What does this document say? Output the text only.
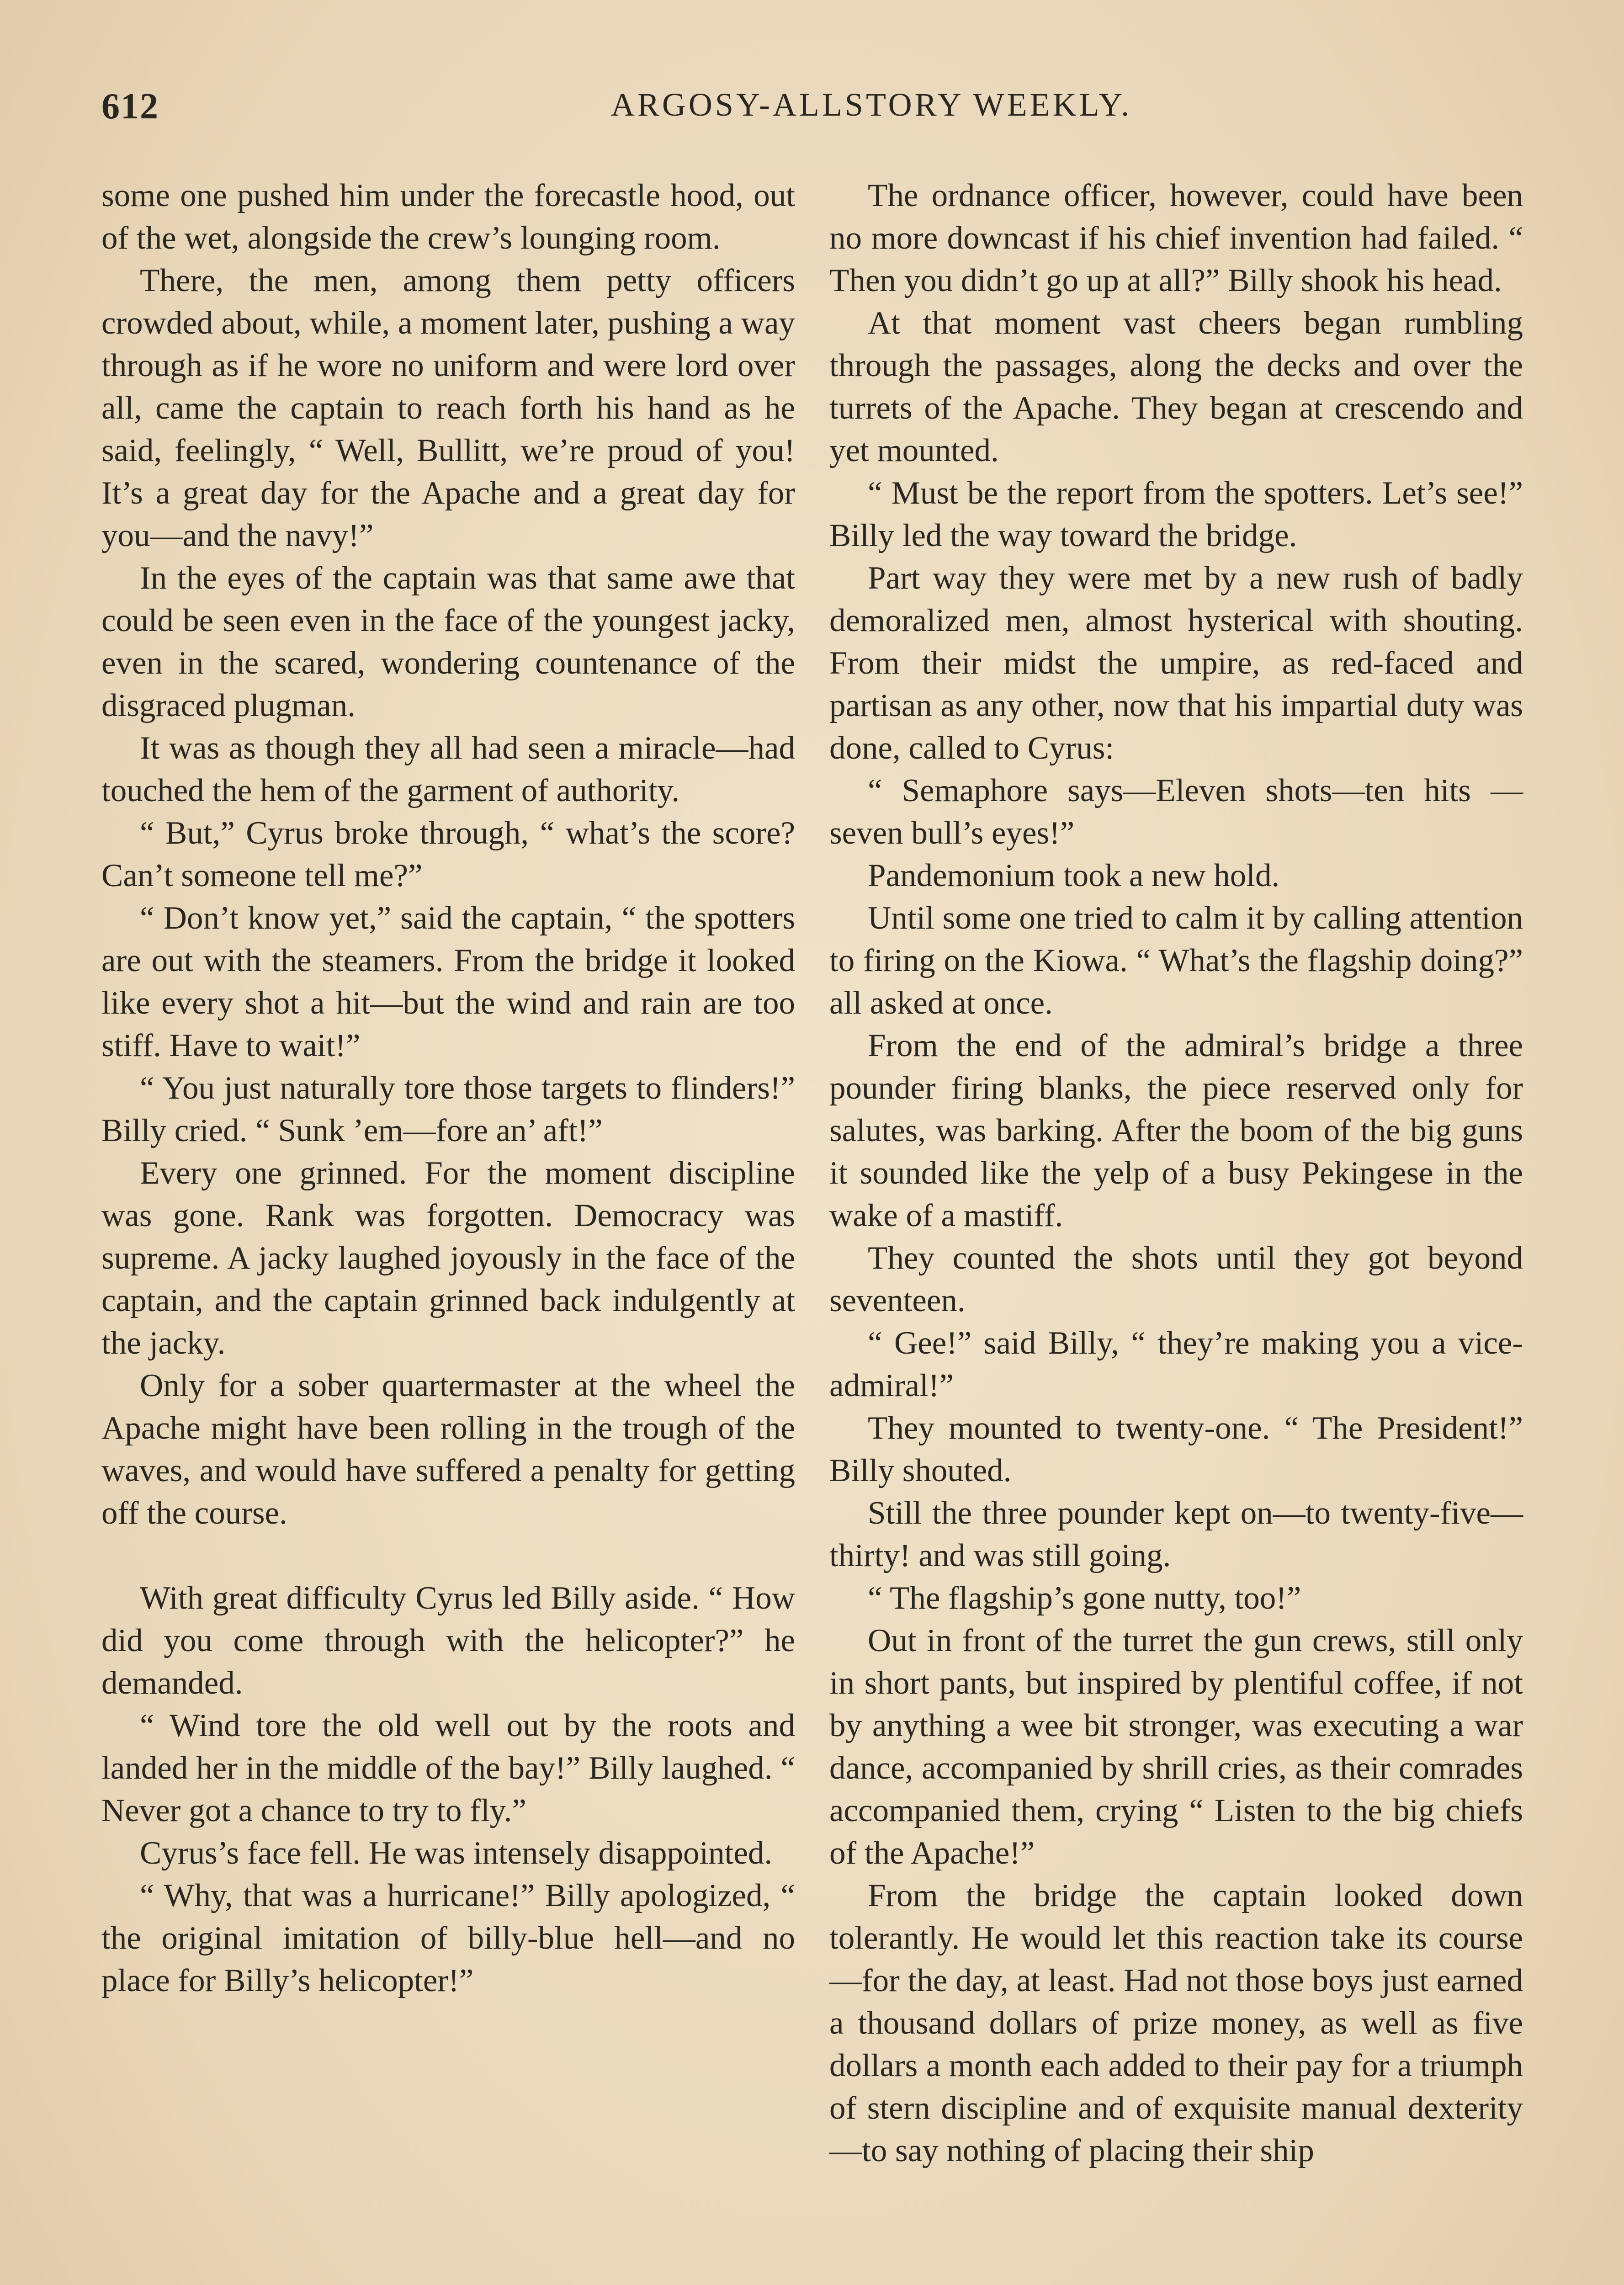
612	ARGOSY-ALLSTORY WEEKLY.

some one pushed him under the forecastle hood, out of the wet, alongside the crew’s lounging room.

There, the men, among them petty officers crowded about, while, a moment later, pushing a way through as if he wore no uniform and were lord over all, came the captain to reach forth his hand as he said, feelingly, “ Well, Bullitt, we’re proud of you! It’s a great day for the Apache and a great day for you—and the navy!”

In the eyes of the captain was that same awe that could be seen even in the face of the youngest jacky, even in the scared, wondering countenance of the disgraced plugman.

It was as though they all had seen a miracle—had touched the hem of the garment of authority.

“ But,” Cyrus broke through, “ what’s the score? Can’t someone tell me?”

“ Don’t know yet,” said the captain, “ the spotters are out with the steamers. From the bridge it looked like every shot a hit—but the wind and rain are too stiff. Have to wait!”

“ You just naturally tore those targets to flinders!” Billy cried. “ Sunk ’em—fore an’ aft!”

Every one grinned. For the moment discipline was gone. Rank was forgotten. Democracy was supreme. A jacky laughed joyously in the face of the captain, and the captain grinned back indulgently at the jacky.

Only for a sober quartermaster at the wheel the Apache might have been rolling in the trough of the waves, and would have suffered a penalty for getting off the course.

With great difficulty Cyrus led Billy aside. “ How did you come through with the helicopter?” he demanded.

“ Wind tore the old well out by the roots and landed her in the middle of the bay!” Billy laughed. “ Never got a chance to try to fly.”

Cyrus’s face fell. He was intensely disappointed.

“ Why, that was a hurricane!” Billy apologized, “ the original imitation of billy-blue hell—and no place for Billy’s helicopter!”

The ordnance officer, however, could have been no more downcast if his chief invention had failed. “ Then you didn’t go up at all?” Billy shook his head.

At that moment vast cheers began rumbling through the passages, along the decks and over the turrets of the Apache. They began at crescendo and yet mounted.

“ Must be the report from the spotters. Let’s see!” Billy led the way toward the bridge.

Part way they were met by a new rush of badly demoralized men, almost hysterical with shouting. From their midst the umpire, as red-faced and partisan as any other, now that his impartial duty was done, called to Cyrus:

“ Semaphore says—Eleven shots—ten hits —seven bull’s eyes!”

Pandemonium took a new hold.

Until some one tried to calm it by calling attention to firing on the Kiowa. “ What’s the flagship doing?” all asked at once.

From the end of the admiral’s bridge a three pounder firing blanks, the piece reserved only for salutes, was barking. After the boom of the big guns it sounded like the yelp of a busy Pekingese in the wake of a mastiff.

They counted the shots until they got beyond seventeen.

“ Gee!” said Billy, “ they’re making you a vice-admiral!”

They mounted to twenty-one. “ The President!” Billy shouted.

Still the three pounder kept on—to twenty-five—thirty! and was still going.

“ The flagship’s gone nutty, too!”

Out in front of the turret the gun crews, still only in short pants, but inspired by plentiful coffee, if not by anything a wee bit stronger, was executing a war dance, accompanied by shrill cries, as their comrades accompanied them, crying “ Listen to the big chiefs of the Apache!”

From the bridge the captain looked down tolerantly. He would let this reaction take its course—for the day, at least. Had not those boys just earned a thousand dollars of prize money, as well as five dollars a month each added to their pay for a triumph of stern discipline and of exquisite manual dexterity—to say nothing of placing their ship
